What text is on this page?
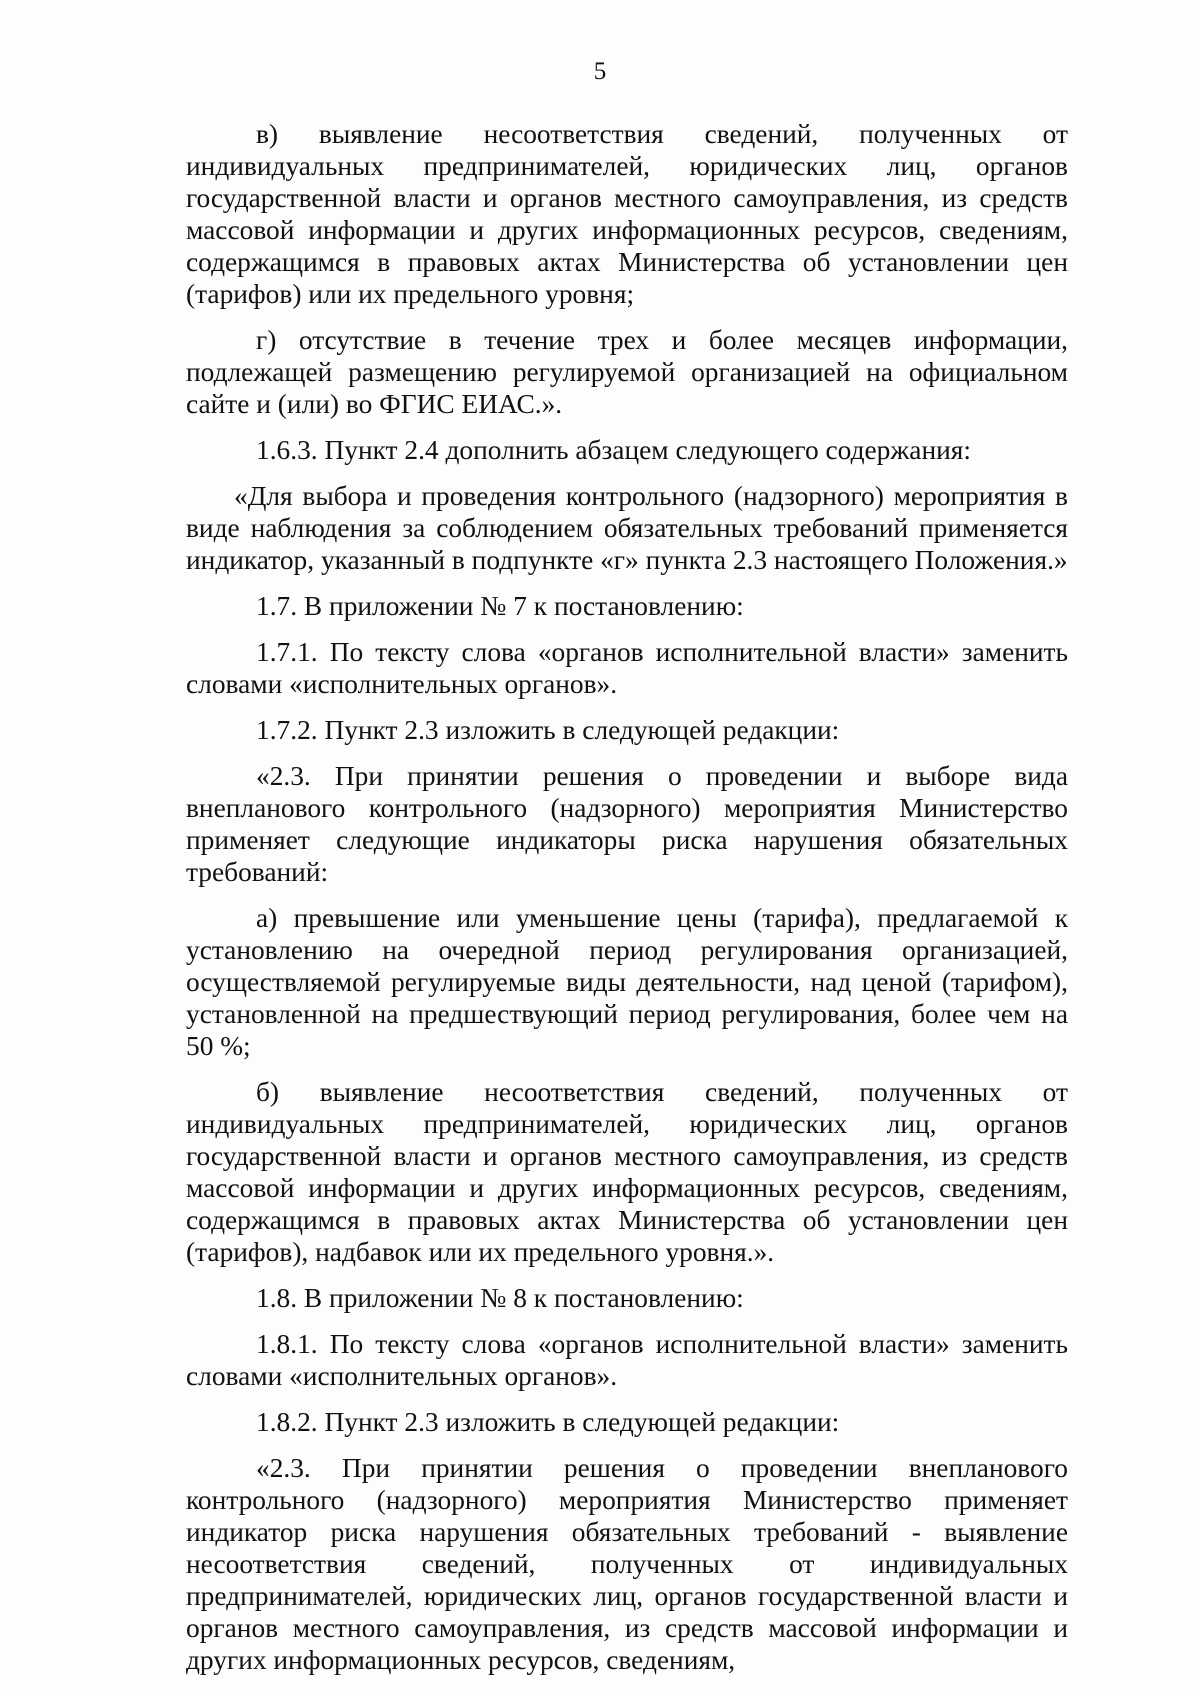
5

в) выявление несоответствия сведений, полученных от индивидуальных предпринимателей, юридических лиц, органов государственной власти и органов местного самоуправления, из средств массовой информации и других информационных ресурсов, сведениям, содержащимся в правовых актах Министерства об установлении цен (тарифов) или их предельного уровня;

г) отсутствие в течение трех и более месяцев информации, подлежащей размещению регулируемой организацией на официальном сайте и (или) во ФГИС ЕИАС.».

1.6.3. Пункт 2.4 дополнить абзацем следующего содержания:

«Для выбора и проведения контрольного (надзорного) мероприятия в виде наблюдения за соблюдением обязательных требований применяется индикатор, указанный в подпункте «г» пункта 2.3 настоящего Положения.»

1.7. В приложении № 7 к постановлению:

1.7.1. По тексту слова «органов исполнительной власти» заменить словами «исполнительных органов».

1.7.2. Пункт 2.3 изложить в следующей редакции:

«2.3. При принятии решения о проведении и выборе вида внепланового контрольного (надзорного) мероприятия Министерство применяет следующие индикаторы риска нарушения обязательных требований:

а) превышение или уменьшение цены (тарифа), предлагаемой к установлению на очередной период регулирования организацией, осуществляемой регулируемые виды деятельности, над ценой (тарифом), установленной на предшествующий период регулирования, более чем на 50 %;

б) выявление несоответствия сведений, полученных от индивидуальных предпринимателей, юридических лиц, органов государственной власти и органов местного самоуправления, из средств массовой информации и других информационных ресурсов, сведениям, содержащимся в правовых актах Министерства об установлении цен (тарифов), надбавок или их предельного уровня.».

1.8. В приложении № 8 к постановлению:

1.8.1. По тексту слова «органов исполнительной власти» заменить словами «исполнительных органов».

1.8.2. Пункт 2.3 изложить в следующей редакции:

«2.3. При принятии решения о проведении внепланового контрольного (надзорного) мероприятия Министерство применяет индикатор риска нарушения обязательных требований - выявление несоответствия сведений, полученных от индивидуальных предпринимателей, юридических лиц, органов государственной власти и органов местного самоуправления, из средств массовой информации и других информационных ресурсов, сведениям,
